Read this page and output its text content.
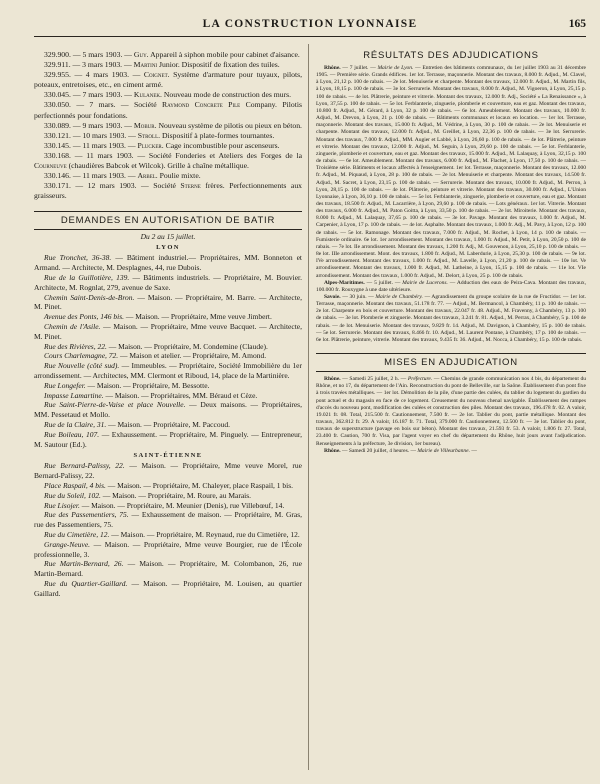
LA CONSTRUCTION LYONNAISE	165

329.900. — 5 mars 1903. — Guy. Appareil à siphon mobile pour cabinet d'aisance.

329.911. — 3 mars 1903. — Martini Junior. Dispositif de fixation des tuiles.

329.955. — 4 mars 1903. — Coignet. Système d'armature pour tuyaux, pilots, poteaux, entretoises, etc., en ciment armé.

330.045. — 7 mars 1903. — Kulanek. Nouveau mode de construction des murs.

330.050. — 7 mars. — Société Raymond Concrete Pile Company. Pilotis perfectionnés pour fondations.

330.089. — 9 mars 1903. — Mobur. Nouveau système de pilotis ou pieux en béton.

330.121. — 10 mars 1903. — Stroll. Dispositif à plate-formes tournantes.

330.145. — 11 mars 1903. — Plucker. Cage incombustible pour ascenseurs.

330.168. — 11 mars 1903. — Société Fonderies et Ateliers des Forges de la Courneuve (chaudières Babcok et Wilcok). Grille à chaîne métallique.

330.146. — 11 mars 1903. — Arbel. Poulie mixte.

330.171. — 12 mars 1903. — Société Sterne frères. Perfectionnements aux graisseurs.

DEMANDES EN AUTORISATION DE BATIR
Du 2 au 15 juillet.
LYON

Rue Tronchet, 36-38. — Bâtiment industriel.— Propriétaires, MM. Bonneton et Armand. — Architecte, M. Desplagnes, 44, rue Dubois.

Rue de la Guillotière, 139. — Bâtiments industriels. — Propriétaire, M. Bouvier. Architecte, M. Rognlat, 279, avenue de Saxe.

Chemin Saint-Denis-de-Bron. — Maison. — Propriétaire, M. Barre. — Architecte, M. Pinet.

Avenue des Ponts, 146 bis. — Maison. — Propriétaire, Mme veuve Jimbert.

Chemin de l'Asile. — Maison. — Propriétaire, Mme veuve Bacquet. — Architecte, M. Pinet.

Rue des Rivières, 22. — Maison. — Propriétaire, M. Condemine (Claude).

Cours Charlemagne, 72. — Maison et atelier. — Propriétaire, M. Amond.

Rue Nouvelle (côté sud). — Immeubles. — Propriétaire, Société Immobilière du 1er arrondissement. — Architectes, MM. Clermont et Riboud, 14, place de la Martinière.

Rue Longefer. — Maison. — Propriétaire, M. Bessotte.

Impasse Lamartine. — Maison. — Propriétaires, MM. Béraud et Cèze.

Rue Saint-Pierre-de-Vaise et place Nouvelle. — Deux maisons. — Propriétaires, MM. Pessetaud et Mollo.

Rue de la Claire, 31. — Maison. — Propriétaire, M. Paccoud.

Rue Boileau, 107. — Exhaussement. — Propriétaire, M. Pinguely. — Entrepreneur, M. Sautour (Ed.).

SAINT-ÉTIENNE

Rue Bernard-Palissy, 22. — Maison. — Propriétaire, Mme veuve Morel, rue Bernard-Palissy, 22.

Place Raspail, 4 bis. — Maison. — Propriétaire, M. Chaleyer, place Raspail, 1 bis.

Rue du Soleil, 102. — Maison. — Propriétaire, M. Roure, au Marais.

Rue Lisojer. — Maison. — Propriétaire, M. Meunier (Denis), rue Villebœuf, 14.

Rue des Passementiers, 75. — Exhaussement de maison. — Propriétaire, M. Gras, rue des Passementiers, 75.

Rue du Cimetière, 12. — Maison. — Propriétaire, M. Reynaud, rue du Cimetière, 12.

Grange-Neuve. — Maison. — Propriétaire, Mme veuve Bourgier, rue de l'École professionnelle, 3.

Rue Martin-Bernard, 26. — Maison. — Propriétaire, M. Colombanon, 26, rue Martin-Bernard.

Rue du Quartier-Gaillard. — Maison. — Propriétaire, M. Louisen, au quartier Gaillard.

RÉSULTATS DES ADJUDICATIONS

Rhône. — 7 juillet. — Mairie de Lyon. — Entretien des bâtiments communaux, du 1er juillet 1903 au 31 décembre 1905. — Première série. Grands édifices. 1er lot. Terrasse, maçonnerie. Montant des travaux, 8.000 fr. Adjud., M. Clavel, à Lyon, 21,12 p. 100 de rabais. — 2e lot. Menuiserie et charpente. Montant des travaux, 12.000 fr. Adjud., M. Martin fils, à Lyon, 18,15 p. 100 de rabais. — 3e lot. Serrurerie. Montant des travaux, 8.000 fr. Adjud., M. Vigoeron, à Lyon, 25,15 p. 100 de rabais. — 4e lot. Plâtrerie, peinture et vitrerie. Montant des travaux, 12.000 fr. Adj., Société « La Renaissance », à Lyon, 37,55 p. 100 de rabais. — 5e lot. Ferblanterie, zinguerie, plomberie et couverture, eau et gaz. Montant des travaux, 10.800 fr. Adjud., M. Gérard, à Lyon, 32 p. 100 de rabais. — 6e lot. Ameublement. Montant des travaux, 10.000 fr. Adjud., M. Drevon, à Lyon, 21 p. 100 de rabais. — Bâtiments communaux et locaux en location. — 1er lot. Terrasse, maçonnerie. Montant des travaux, 15.000 fr. Adjud., M. Védrine, à Lyon, 30 p. 100 de rabais. — 2e lot. Menuiserie et charpente. Montant des travaux, 12.000 fr. Adjud., M. Greillet, à Lyon, 22,36 p. 100 de rabais. — 3e lot. Serrurerie. Montant des travaux, 7.000 fr. Adjud., MM. Augier et Labbé, à Lyon, 26,60 p. 100 de rabais. — 4e lot. Plâtrerie, peinture et vitrerie. Montant des travaux, 12.000 fr. Adjud., M. Seguin, à Lyon, 29,60 p. 100 de rabais. — 5e lot. Ferblanterie, zinguerie, plomberie et couverture, eau et gaz. Montant des travaux, 15.000 fr. Adjud., M. Lalaquay, à Lyon, 32,15 p. 100 de rabais. — 6e lot. Ameublement. Montant des travaux, 6.000 fr. Adjud., M. Flachet, à Lyon, 17,50 p. 100 de rabais. — Troisième série. Bâtiments et locaux affectés à l'enseignement. 1er lot. Terrasse, maçonnerie. Montant des travaux, 12.000 fr. Adjud., M. Piquaud, à Lyon, 28 p. 100 de rabais. — 2e lot. Menuiserie et charpente. Montant des travaux, 14.500 fr. Adjud., M. Sacret, à Lyon, 23,15 p. 100 de rabais. — Serrurerie. Montant des travaux, 10.000 fr. Adjud., M. Perron, à Lyon, 28,15 p. 100 de rabais. — 4e lot. Plâtrerie, peinture et vitrerie. Montant des travaux, 30.000 fr. Adjud., L'Union Lyonnaise, à Lyon, 36,10 p. 100 de rabais. — 5e lot. Ferblanterie, zinguerie, plomberie et couverture, eau et gaz. Montant des travaux, 18.500 fr. Adjud., M. Lacarrière, à Lyon, 29,60 p. 100 de rabais. — Lots généraux. 1er lot. Vitrerie. Montant des travaux, 6.000 fr. Adjud., M. Paton Goitta, à Lyon, 33,50 p. 100 de rabais. — 2e lot. Miroiterie. Montant des travaux, 8.000 fr. Adjud., M. Lalaquay, 37,65 p. 100 de rabais. — 3e lot. Pavage. Montant des travaux, 1.000 fr. Adjud., M. Carpenier, à Lyon, 17 p. 100 de rabais. — 4e lot. Asphalte. Montant des travaux, 1.000 fr. Adj., M. Pavy, à Lyon, 12 p. 100 de rabais. — 5e lot. Ramonage. Montant des travaux, 7.000 fr. Adjud., M. Rochet, à Lyon, 14 p. 100 de rabais. — Fumisterie ordinaire. 6e lot. 1er arrondissement. Montant des travaux, 1.000 fr. Adjud., M. Petit, à Lyon, 20,50 p. 100 de rabais. — 7e lot. IIe arrondissement. Montant des travaux, 1.200 fr. Adj., M. Gouvenon, à Lyon, 25,10 p. 100 de rabais. — 8e lot. IIIe arrondissement. Mont. des travaux, 1.800 fr. Adjud., M. Laberdurie, à Lyon, 25,30 p. 100 de rabais. — 9e lot. IVe arrondissement. Montant des travaux, 1.000 fr. Adjud., M. Lavelle, à Lyon, 21,20 p. 100 de rabais. — 10e lot. Ve arrondissement. Montant des travaux, 1.000 fr. Adjud., M. Latheine, à Lyon, 15,15 p. 100 de rabais. — 11e lot. VIe arrondissement. Montant des travaux, 1.000 fr. Adjud., M. Delort, à Lyon, 25 p. 100 de rabais.

Alpes-Maritimes. — 5 juillet. — Mairie de Lucerons. — Adduction des eaux de Peira-Cava. Montant des travaux, 100.000 fr. Rouxygne à une date ultérieure.

Savoie. — 30 juin. — Mairie de Chambéry. — Agrandissement du groupe scolaire de la rue de Fructidor. — 1er lot. Terrasse, maçonnerie. Montant des travaux, 51.178 fr. 77. — Adjud., M. Bermancol, à Chambéry, 11 p. 100 de rabais. — 2e lot. Charpente en bois et couverture. Montant des travaux, 22.047 fr. 48. Adjud., M. Fravenny, à Chambéry, 13 p. 100 de rabais. — 3e lot. Plomberie et zinguerie. Montant des travaux, 3.241 fr. 81. Adjud., M. Perrax, à Chambéry, 5 p. 100 de rabais. — 4e lot. Menuiserie. Montant des travaux, 9.829 fr. 14. Adjud., M. Davignon, à Chambéry, 15 p. 100 de rabais. — 5e lot. Serrurerie. Montant des travaux, 8.466 fr. 10. Adjud., M. Laurent Pontane, à Chambéry, 17 p. 100 de rabais. — 6e lot. Plâtrerie, peinture, vitrerie. Montant des travaux, 9.435 fr. 36. Adjud., M. Nocca, à Chambéry, 15 p. 100 de rabais.

MISES EN ADJUDICATION

Rhône. — Samedi 25 juillet, 2 h. — Préfecture. — Chemins de grande communication nos 4 bis, du département du Rhône, et no 17, du département de l'Ain. Reconstruction du pont de Belleville, sur la Saône. Établissement d'un pont fixe à trois travées métalliques. — 1er lot. Démolition de la pile, d'une partie des culées, du tablier du logement du gardien du pont actuel et du magasin en face de ce logement. Creusement du nouveau chenal navigable. Établissement des rampes d'accès du nouveau pont, modification des culées et construction des piles. Montant des travaux, 196.478 fr. 02. A valoir, 19.021 fr. 08. Total, 215.500 fr. Cautionnement, 7.500 fr. — 2e lot. Tablier du pont, partie métallique. Montant des travaux, 362.812 fr. 29. A valoir, 16.187 fr. 71. Total, 379.000 fr. Cautionnement, 12.500 fr. — 3e lot. Tablier du pont, travaux de superstructure (pavage en bois sur béton). Montant des travaux, 21.593 fr. 53. A valoir, 1.806 fr. 27. Total, 23.400 fr. Caution, 700 fr. Visa, par l'agent voyer en chef du département du Rhône, huit jours avant l'adjudication. Renseignements à la préfecture, 3e division, 1er bureau).

Rhône. — Samedi 20 juillet, 4 heures. — Mairie de Villeurbanne. —
